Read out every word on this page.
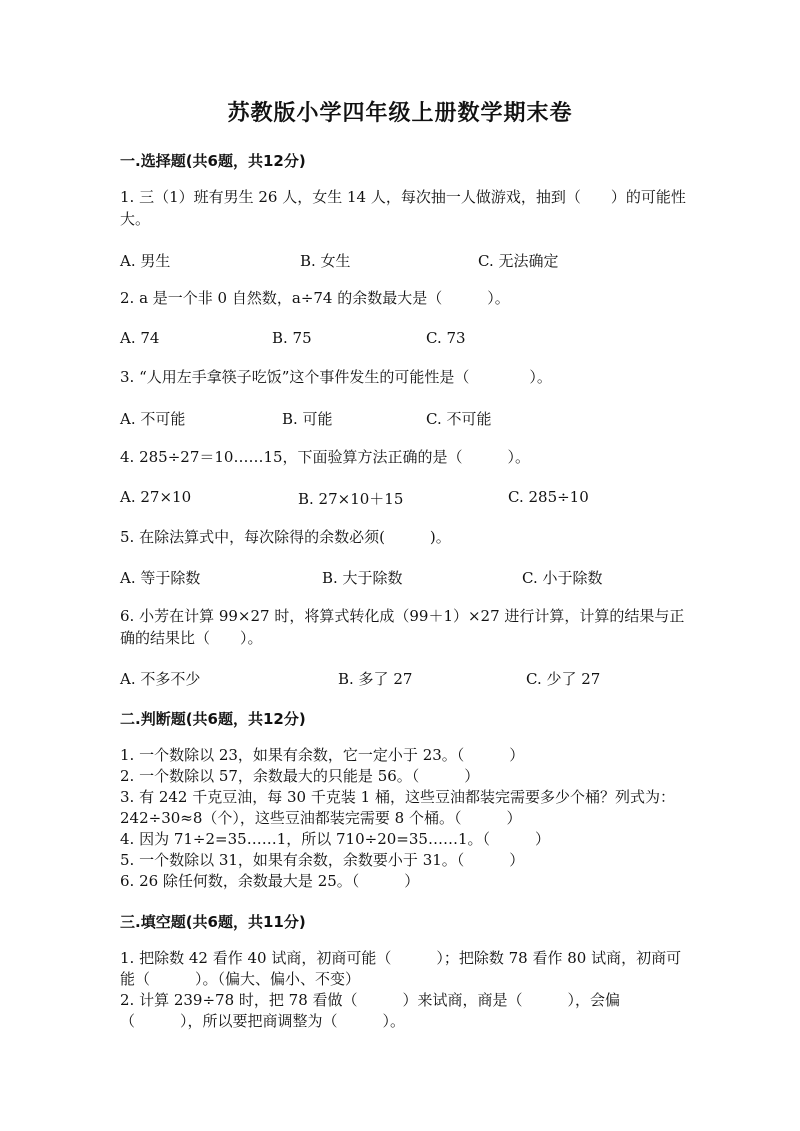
苏教版小学四年级上册数学期末卷
一.选择题(共6题，共12分)
1. 三（1）班有男生 26 人，女生 14 人，每次抽一人做游戏，抽到（　　）的可能性大。
A. 男生	B. 女生	C. 无法确定
2. a 是一个非 0 自然数，a÷74 的余数最大是（　　　）。
A. 74	B. 75	C. 73
3. “人用左手拿筷子吃饭”这个事件发生的可能性是（　　　　）。
A. 不可能	B. 可能	C. 不可能
4. 285÷27＝10……15，下面验算方法正确的是（　　　）。
A. 27×10	B. 27×10＋15	C. 285÷10
5. 在除法算式中，每次除得的余数必须(　　　)。
A. 等于除数	B. 大于除数	C. 小于除数
6. 小芳在计算 99×27 时，将算式转化成（99＋1）×27 进行计算，计算的结果与正确的结果比（　　）。
A. 不多不少	B. 多了 27	C. 少了 27
二.判断题(共6题，共12分)
1. 一个数除以 23，如果有余数，它一定小于 23。（　　　）
2. 一个数除以 57，余数最大的只能是 56。（　　　）
3. 有 242 千克豆油，每 30 千克装 1 桶，这些豆油都装完需要多少个桶？列式为：242÷30≈8（个），这些豆油都装完需要 8 个桶。（　　　）
4. 因为 71÷2=35……1，所以 710÷20=35……1。（　　　）
5. 一个数除以 31，如果有余数，余数要小于 31。（　　　）
6. 26 除任何数，余数最大是 25。（　　　）
三.填空题(共6题，共11分)
1. 把除数 42 看作 40 试商，初商可能（　　　）；把除数 78 看作 80 试商，初商可能（　　　）。（偏大、偏小、不变）
2. 计算 239÷78 时，把 78 看做（　　　）来试商，商是（　　　），会偏（　　　），所以要把商调整为（　　　）。
